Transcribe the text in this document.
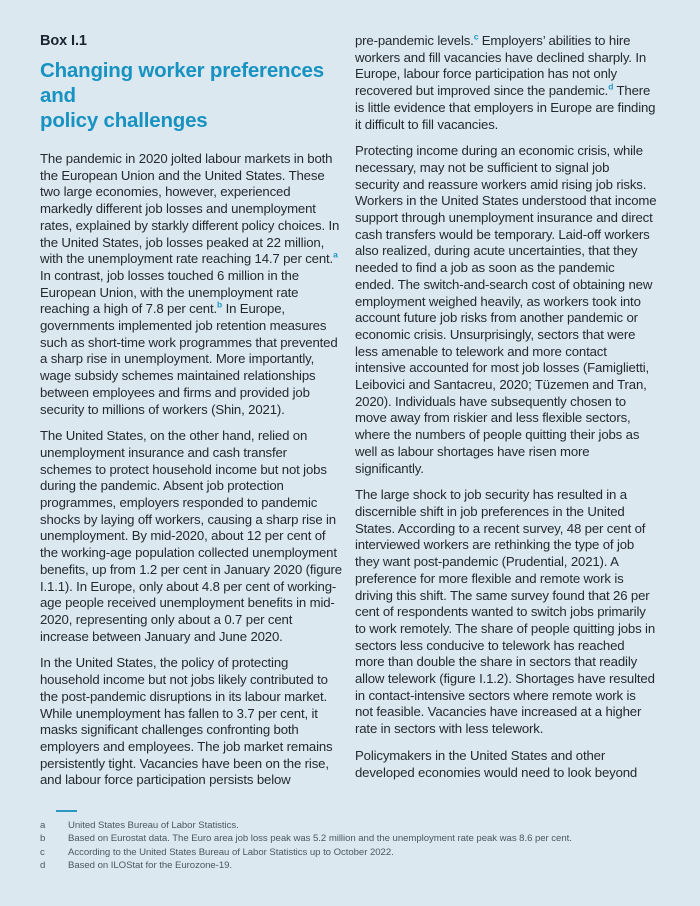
Box I.1
Changing worker preferences and
policy challenges

The pandemic in 2020 jolted labour markets in both the European Union and the United States. These two large economies, however, experienced markedly different job losses and unemployment rates, explained by starkly different policy choices. In the United States, job losses peaked at 22 million, with the unemployment rate reaching 14.7 per cent.$^a$ In contrast, job losses touched 6 million in the European Union, with the unemployment rate reaching a high of 7.8 per cent.$^b$ In Europe, governments implemented job retention measures such as short-time work programmes that prevented a sharp rise in unemployment. More importantly, wage subsidy schemes maintained relationships between employees and firms and provided job security to millions of workers (Shin, 2021).

The United States, on the other hand, relied on unemployment insurance and cash transfer schemes to protect household income but not jobs during the pandemic. Absent job protection programmes, employers responded to pandemic shocks by laying off workers, causing a sharp rise in unemployment. By mid-2020, about 12 per cent of the working-age population collected unemployment benefits, up from 1.2 per cent in January 2020 (figure I.1.1). In Europe, only about 4.8 per cent of working-age people received unemployment benefits in mid-2020, representing only about a 0.7 per cent increase between January and June 2020.

In the United States, the policy of protecting household income but not jobs likely contributed to the post-pandemic disruptions in its labour market. While unemployment has fallen to 3.7 per cent, it masks significant challenges confronting both employers and employees. The job market remains persistently tight. Vacancies have been on the rise, and labour force participation persists below

pre-pandemic levels.$^c$ Employers’ abilities to hire workers and fill vacancies have declined sharply. In Europe, labour force participation has not only recovered but improved since the pandemic.$^d$ There is little evidence that employers in Europe are finding it difficult to fill vacancies.

Protecting income during an economic crisis, while necessary, may not be sufficient to signal job security and reassure workers amid rising job risks. Workers in the United States understood that income support through unemployment insurance and direct cash transfers would be temporary. Laid-off workers also realized, during acute uncertainties, that they needed to find a job as soon as the pandemic ended. The switch-and-search cost of obtaining new employment weighed heavily, as workers took into account future job risks from another pandemic or economic crisis. Unsurprisingly, sectors that were less amenable to telework and more contact intensive accounted for most job losses (Famiglietti, Leibovici and Santacreu, 2020; Tüzemen and Tran, 2020). Individuals have subsequently chosen to move away from riskier and less flexible sectors, where the numbers of people quitting their jobs as well as labour shortages have risen more significantly.

The large shock to job security has resulted in a discernible shift in job preferences in the United States. According to a recent survey, 48 per cent of interviewed workers are rethinking the type of job they want post-pandemic (Prudential, 2021). A preference for more flexible and remote work is driving this shift. The same survey found that 26 per cent of respondents wanted to switch jobs primarily to work remotely. The share of people quitting jobs in sectors less conducive to telework has reached more than double the share in sectors that readily allow telework (figure I.1.2). Shortages have resulted in contact-intensive sectors where remote work is not feasible. Vacancies have increased at a higher rate in sectors with less telework.

Policymakers in the United States and other developed economies would need to look beyond

a	United States Bureau of Labor Statistics.
b	Based on Eurostat data. The Euro area job loss peak was 5.2 million and the unemployment rate peak was 8.6 per cent.
c	According to the United States Bureau of Labor Statistics up to October 2022.
d	Based on ILOStat for the Eurozone-19.
